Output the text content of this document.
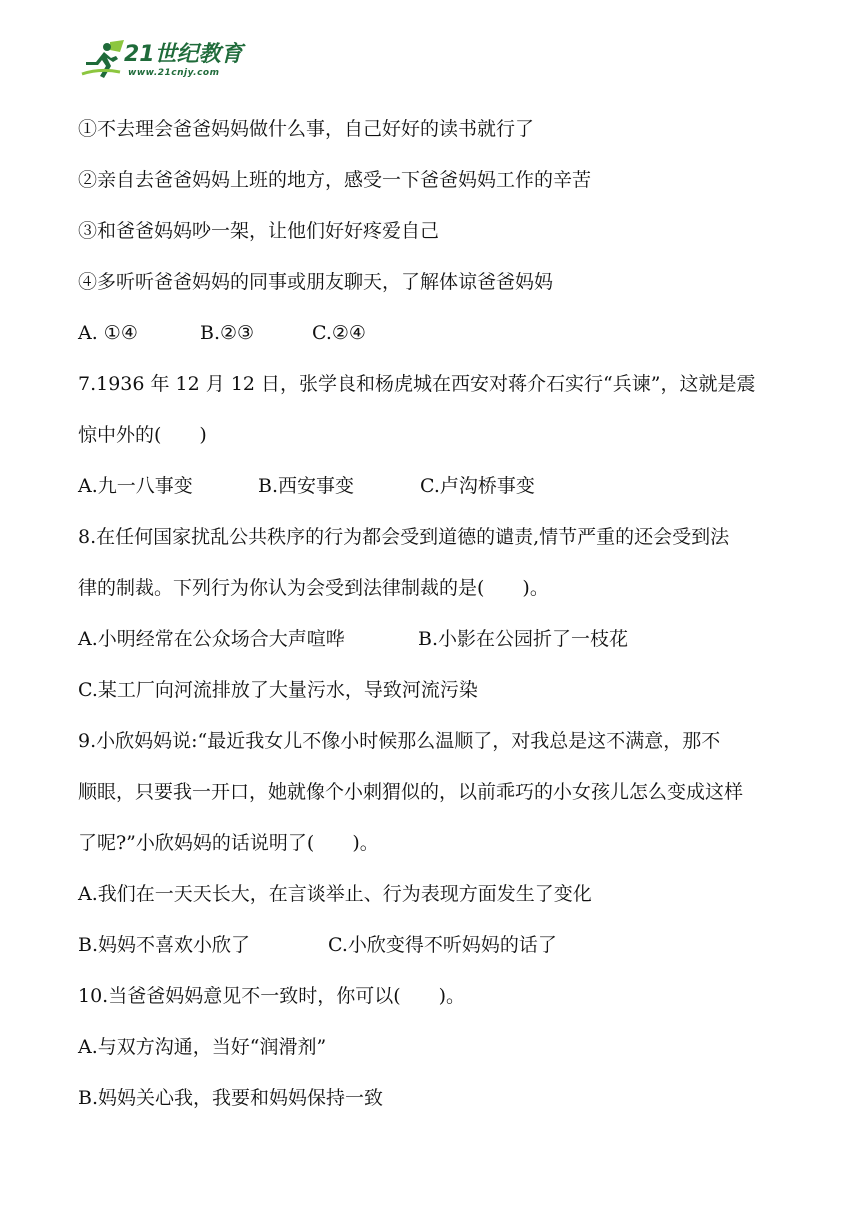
21世纪教育
www.21cnjy.com
①不去理会爸爸妈妈做什么事，自己好好的读书就行了
②亲自去爸爸妈妈上班的地方，感受一下爸爸妈妈工作的辛苦
③和爸爸妈妈吵一架，让他们好好疼爱自己
④多听听爸爸妈妈的同事或朋友聊天，了解体谅爸爸妈妈
A. ①④	B.②③	C.②④
7.1936 年 12 月 12 日，张学良和杨虎城在西安对蒋介石实行“兵谏”，这就是震
惊中外的(　　)
A.九一八事变	B.西安事变	C.卢沟桥事变
8.在任何国家扰乱公共秩序的行为都会受到道德的谴责,情节严重的还会受到法
律的制裁。下列行为你认为会受到法律制裁的是(　　)。
A.小明经常在公众场合大声喧哗	B.小影在公园折了一枝花
C.某工厂向河流排放了大量污水，导致河流污染
9.小欣妈妈说:“最近我女儿不像小时候那么温顺了，对我总是这不满意，那不
顺眼，只要我一开口，她就像个小刺猬似的，以前乖巧的小女孩儿怎么变成这样
了呢?”小欣妈妈的话说明了(　　)。
A.我们在一天天长大，在言谈举止、行为表现方面发生了变化
B.妈妈不喜欢小欣了	C.小欣变得不听妈妈的话了
10.当爸爸妈妈意见不一致时，你可以(　　)。
A.与双方沟通，当好“润滑剂”
B.妈妈关心我，我要和妈妈保持一致
